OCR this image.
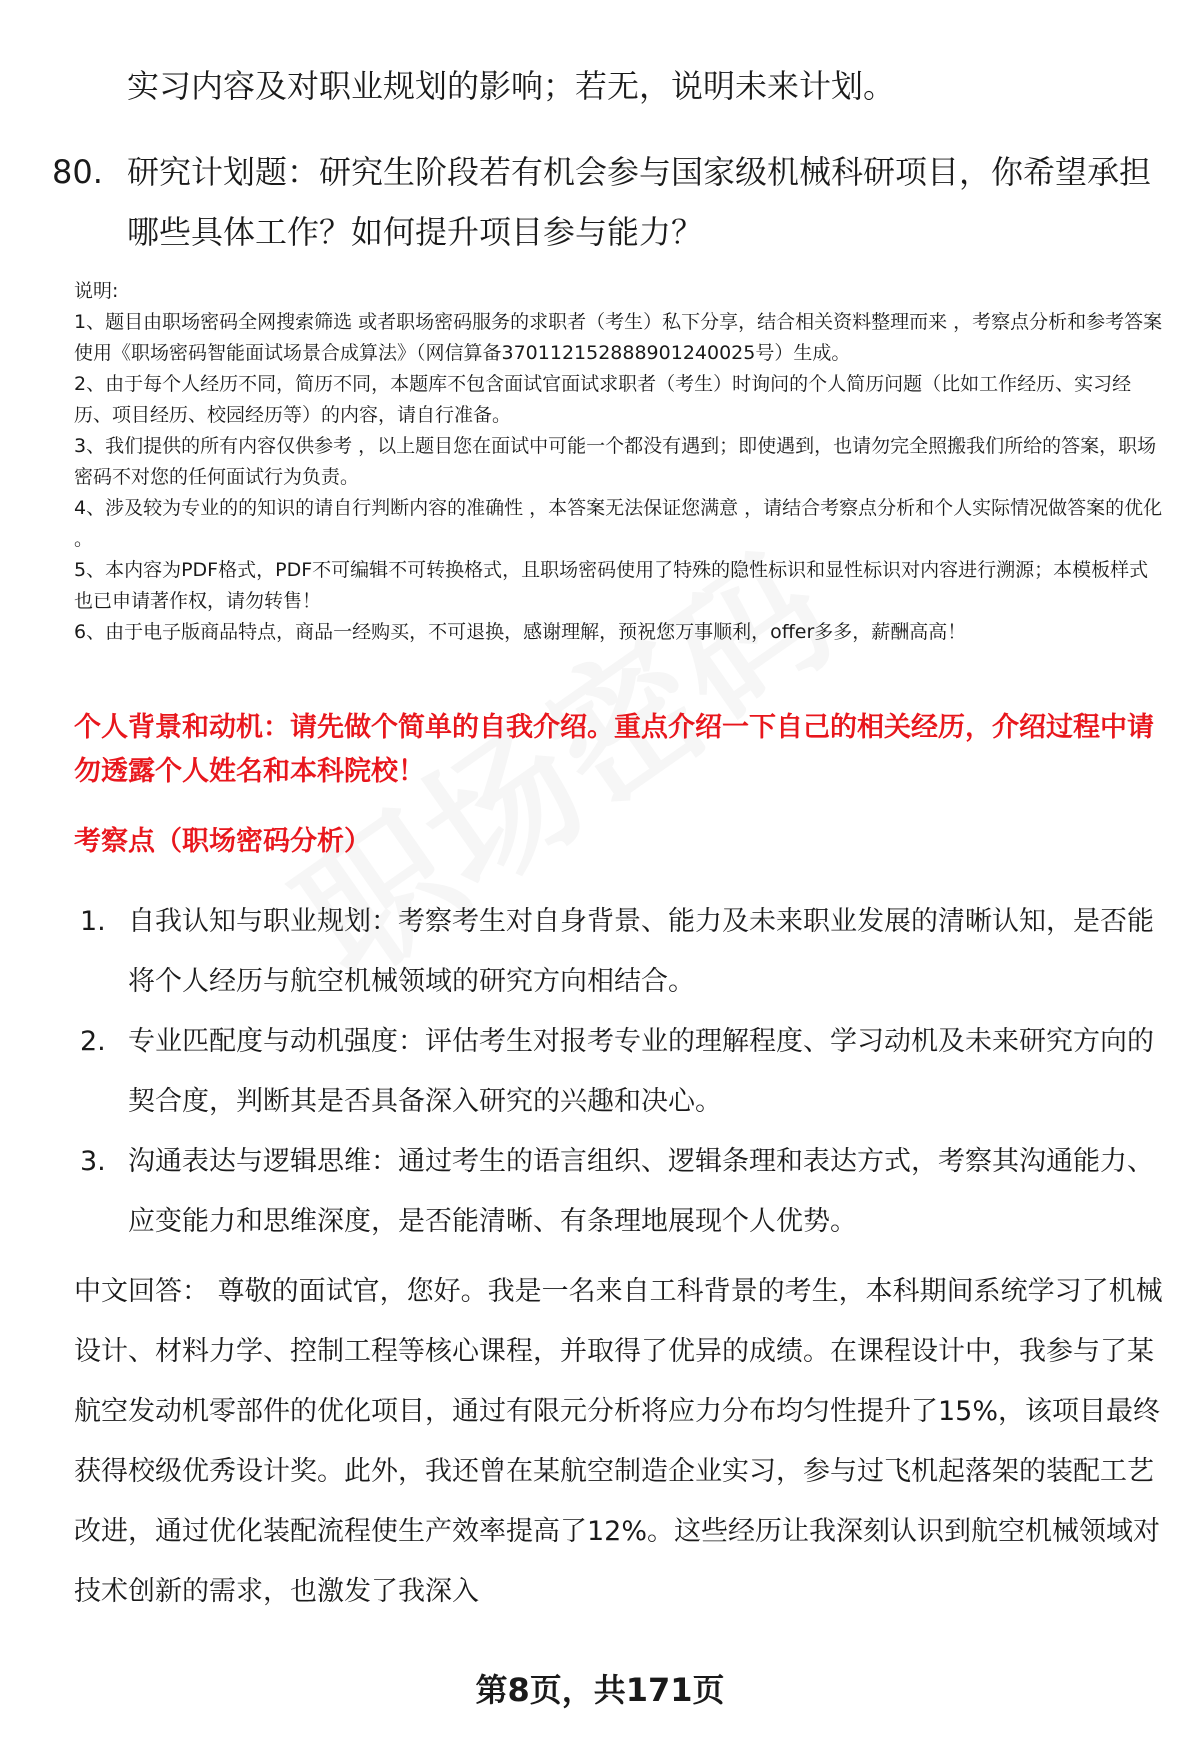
实习内容及对职业规划的影响；若无，说明未来计划。
80. 研究计划题：研究生阶段若有机会参与国家级机械科研项目，你希望承担哪些具体工作？如何提升项目参与能力？

说明:

1、题目由职场密码全网搜索筛选 或者职场密码服务的求职者（考生）私下分享，结合相关资料整理而来 ，考察点分析和参考答案使用《职场密码智能面试场景合成算法》（网信算备370112152888901240025号）生成。

2、由于每个人经历不同，简历不同，本题库不包含面试官面试求职者（考生）时询问的个人简历问题（比如工作经历、实习经历、项目经历、校园经历等）的内容，请自行准备。

3、我们提供的所有内容仅供参考 ，以上题目您在面试中可能一个都没有遇到；即使遇到，也请勿完全照搬我们所给的答案，职场密码不对您的任何面试行为负责。

4、涉及较为专业的的知识的请自行判断内容的准确性 ，本答案无法保证您满意 ，请结合考察点分析和个人实际情况做答案的优化 。

5、本内容为PDF格式，PDF不可编辑不可转换格式，且职场密码使用了特殊的隐性标识和显性标识对内容进行溯源；本模板样式也已申请著作权，请勿转售！

6、由于电子版商品特点，商品一经购买，不可退换，感谢理解，预祝您万事顺利，offer多多，薪酬高高！

个人背景和动机：请先做个简单的自我介绍。重点介绍一下自己的相关经历，介绍过程中请勿透露个人姓名和本科院校！
考察点（职场密码分析）
1. 自我认知与职业规划：考察考生对自身背景、能力及未来职业发展的清晰认知，是否能将个人经历与航空机械领域的研究方向相结合。
2. 专业匹配度与动机强度：评估考生对报考专业的理解程度、学习动机及未来研究方向的契合度，判断其是否具备深入研究的兴趣和决心。
3. 沟通表达与逻辑思维：通过考生的语言组织、逻辑条理和表达方式，考察其沟通能力、应变能力和思维深度，是否能清晰、有条理地展现个人优势。
中文回答： 尊敬的面试官，您好。我是一名来自工科背景的考生，本科期间系统学习了机械设计、材料力学、控制工程等核心课程，并取得了优异的成绩。在课程设计中，我参与了某航空发动机零部件的优化项目，通过有限元分析将应力分布均匀性提升了15%，该项目最终获得校级优秀设计奖。此外，我还曾在某航空制造企业实习，参与过飞机起落架的装配工艺改进，通过优化装配流程使生产效率提高了12%。这些经历让我深刻认识到航空机械领域对技术创新的需求，也激发了我深入
第8页，共171页
